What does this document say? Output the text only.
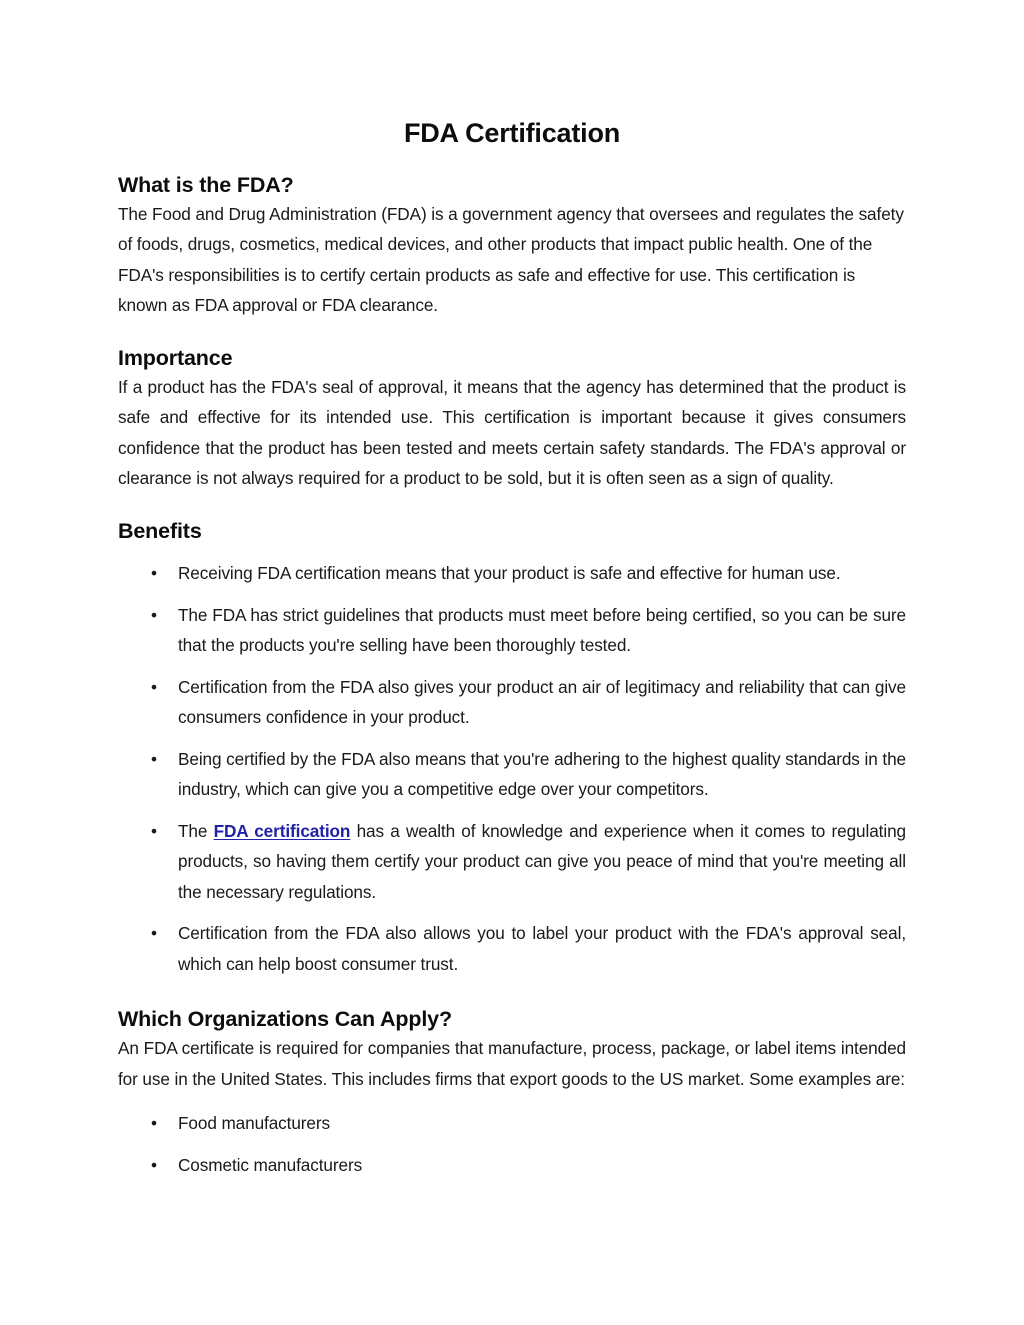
FDA Certification
What is the FDA?

The Food and Drug Administration (FDA) is a government agency that oversees and regulates the safety of foods, drugs, cosmetics, medical devices, and other products that impact public health. One of the FDA's responsibilities is to certify certain products as safe and effective for use. This certification is known as FDA approval or FDA clearance.

Importance

If a product has the FDA's seal of approval, it means that the agency has determined that the product is safe and effective for its intended use. This certification is important because it gives consumers confidence that the product has been tested and meets certain safety standards. The FDA's approval or clearance is not always required for a product to be sold, but it is often seen as a sign of quality.

Benefits
• Receiving FDA certification means that your product is safe and effective for human use.
• The FDA has strict guidelines that products must meet before being certified, so you can be sure that the products you're selling have been thoroughly tested.
• Certification from the FDA also gives your product an air of legitimacy and reliability that can give consumers confidence in your product.
• Being certified by the FDA also means that you're adhering to the highest quality standards in the industry, which can give you a competitive edge over your competitors.
• The FDA certification has a wealth of knowledge and experience when it comes to regulating products, so having them certify your product can give you peace of mind that you're meeting all the necessary regulations.
• Certification from the FDA also allows you to label your product with the FDA's approval seal, which can help boost consumer trust.
Which Organizations Can Apply?

An FDA certificate is required for companies that manufacture, process, package, or label items intended for use in the United States. This includes firms that export goods to the US market. Some examples are:

• Food manufacturers
• Cosmetic manufacturers
